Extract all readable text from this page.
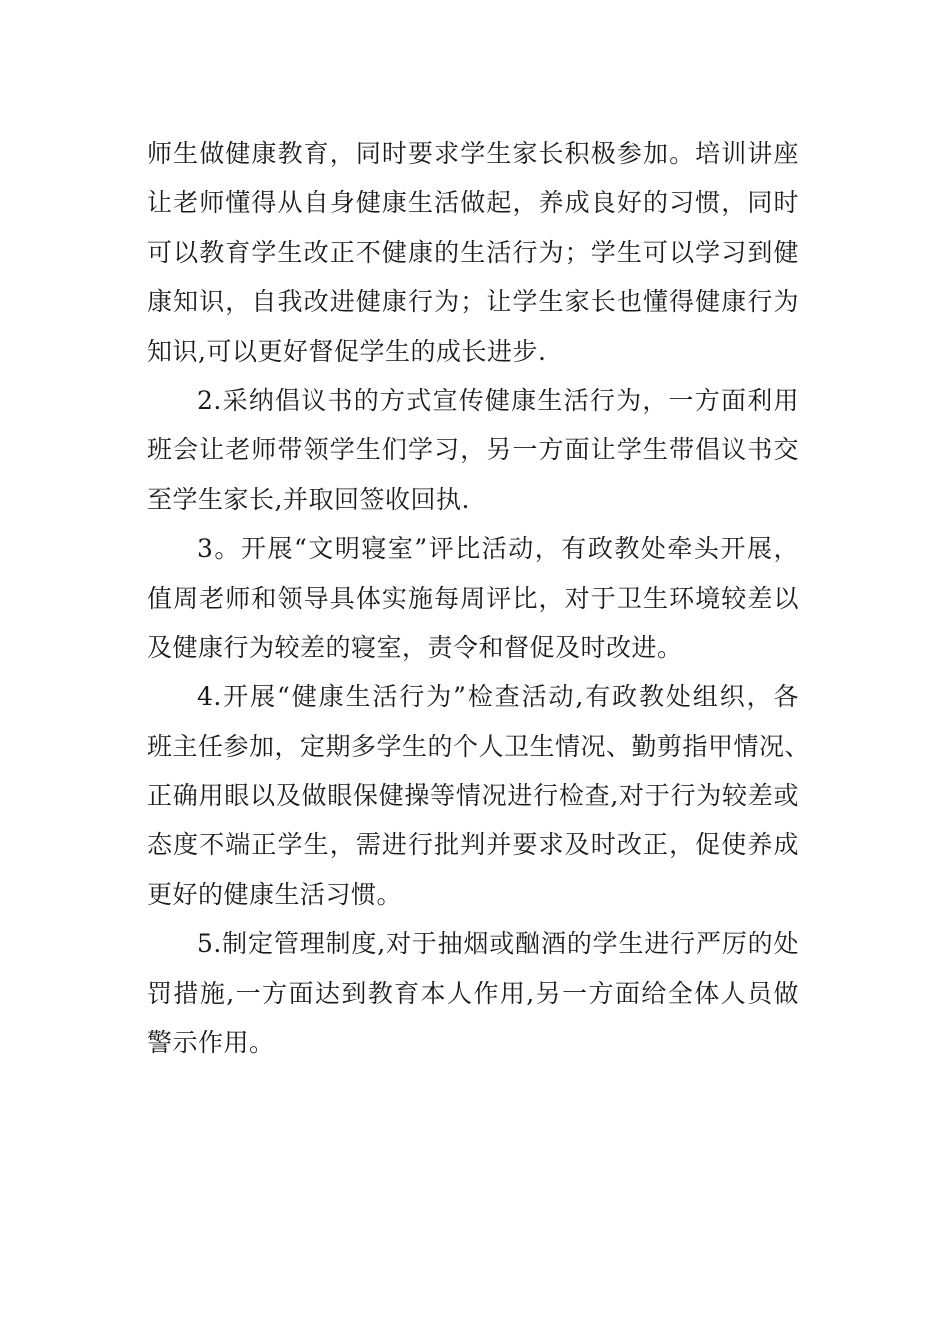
师生做健康教育，同时要求学生家长积极参加。培训讲座
让老师懂得从自身健康生活做起，养成良好的习惯，同时
可以教育学生改正不健康的生活行为；学生可以学习到健
康知识，自我改进健康行为；让学生家长也懂得健康行为
知识,可以更好督促学生的成长进步.
2.采纳倡议书的方式宣传健康生活行为，一方面利用
班会让老师带领学生们学习，另一方面让学生带倡议书交
至学生家长,并取回签收回执.
3。开展“文明寝室”评比活动，有政教处牵头开展，
值周老师和领导具体实施每周评比，对于卫生环境较差以
及健康行为较差的寝室，责令和督促及时改进。
4.开展“健康生活行为”检查活动,有政教处组织，各
班主任参加，定期多学生的个人卫生情况、勤剪指甲情况、
正确用眼以及做眼保健操等情况进行检查,对于行为较差或
态度不端正学生，需进行批判并要求及时改正，促使养成
更好的健康生活习惯。
5.制定管理制度,对于抽烟或酗酒的学生进行严厉的处
罚措施,一方面达到教育本人作用,另一方面给全体人员做
警示作用。
